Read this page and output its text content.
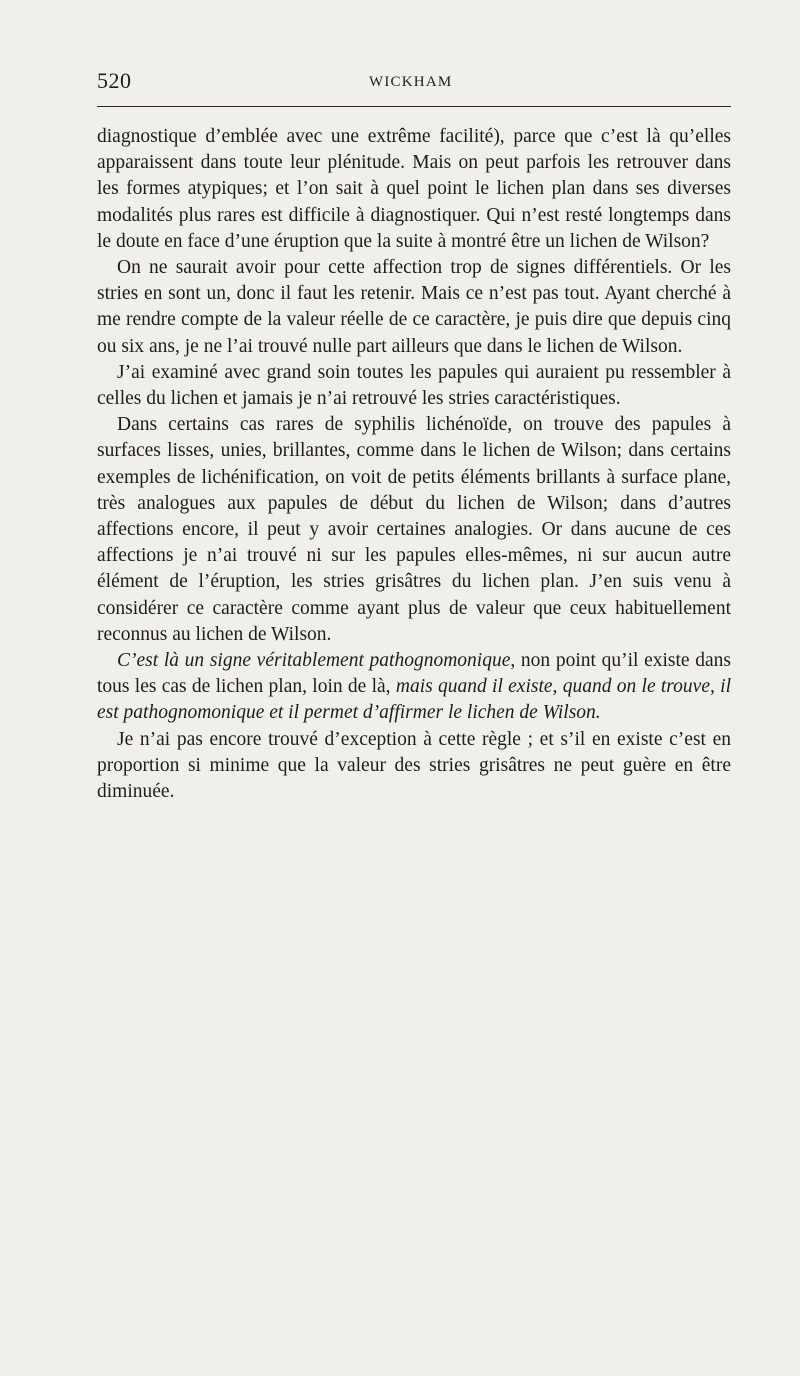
520	WICKHAM

diagnostique d’emblée avec une extrême facilité), parce que c’est là qu’elles apparaissent dans toute leur plénitude. Mais on peut parfois les retrouver dans les formes atypiques; et l’on sait à quel point le lichen plan dans ses diverses modalités plus rares est difficile à diagnostiquer. Qui n’est resté longtemps dans le doute en face d’une éruption que la suite à montré être un lichen de Wilson?

On ne saurait avoir pour cette affection trop de signes différentiels. Or les stries en sont un, donc il faut les retenir. Mais ce n’est pas tout. Ayant cherché à me rendre compte de la valeur réelle de ce caractère, je puis dire que depuis cinq ou six ans, je ne l’ai trouvé nulle part ailleurs que dans le lichen de Wilson.

J’ai examiné avec grand soin toutes les papules qui auraient pu ressembler à celles du lichen et jamais je n’ai retrouvé les stries caractéristiques.

Dans certains cas rares de syphilis lichénoïde, on trouve des papules à surfaces lisses, unies, brillantes, comme dans le lichen de Wilson; dans certains exemples de lichénification, on voit de petits éléments brillants à surface plane, très analogues aux papules de début du lichen de Wilson; dans d’autres affections encore, il peut y avoir certaines analogies. Or dans aucune de ces affections je n’ai trouvé ni sur les papules elles-mêmes, ni sur aucun autre élément de l’éruption, les stries grisâtres du lichen plan. J’en suis venu à considérer ce caractère comme ayant plus de valeur que ceux habituellement reconnus au lichen de Wilson.

C’est là un signe véritablement pathognomonique, non point qu’il existe dans tous les cas de lichen plan, loin de là, mais quand il existe, quand on le trouve, il est pathognomonique et il permet d’affirmer le lichen de Wilson.

Je n’ai pas encore trouvé d’exception à cette règle ; et s’il en existe c’est en proportion si minime que la valeur des stries grisâtres ne peut guère en être diminuée.
